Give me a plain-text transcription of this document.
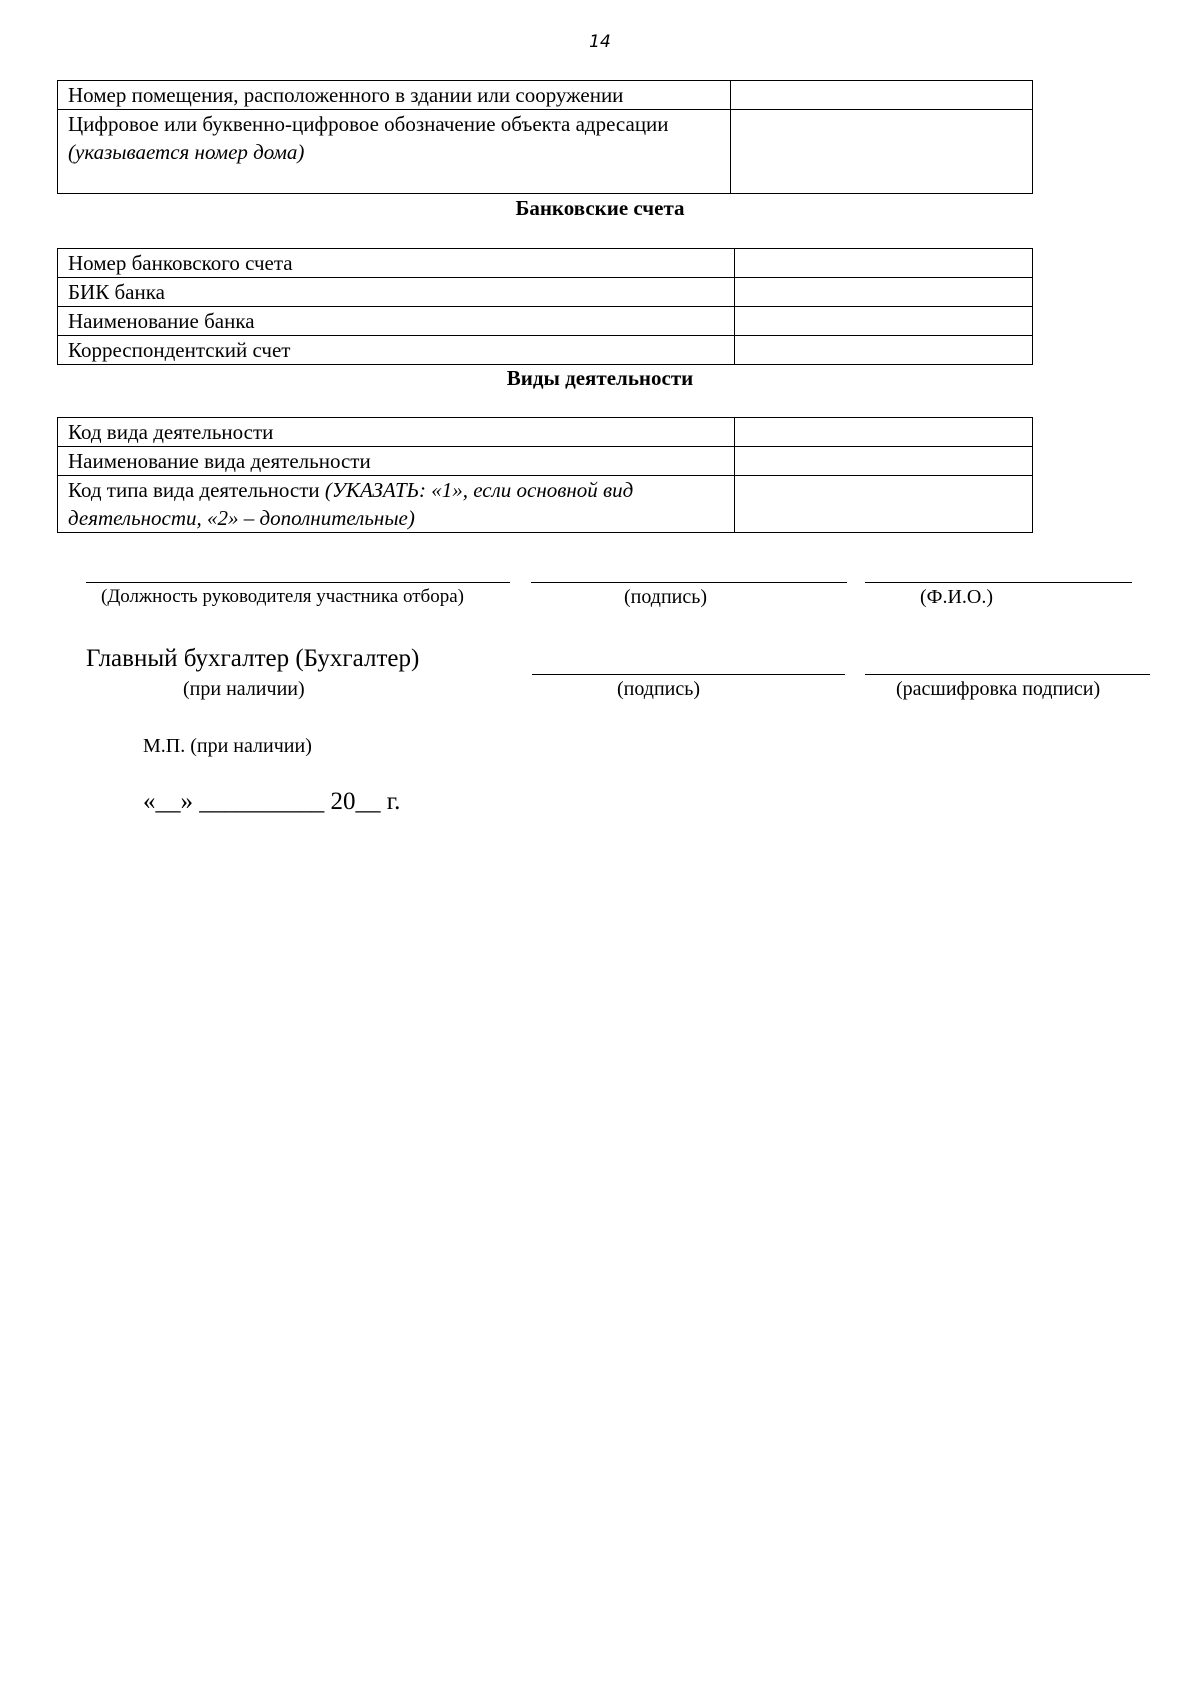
14
Номер помещения, расположенного в здании или сооружении	
Цифровое или буквенно-цифровое обозначение объекта адресации
(указывается номер дома)	
Банковские счета
Номер банковского счета	
БИК банка	
Наименование банка	
Корреспондентский счет	
Виды деятельности
Код вида деятельности	
Наименование вида деятельности	
Код типа вида деятельности (УКАЗАТЬ: «1», если основной вид деятельности, «2» – дополнительные)	
(Должность руководителя участника отбора)	(подпись)	(Ф.И.О.)
Главный бухгалтер (Бухгалтер)
(при наличии)	(подпись)	(расшифровка подписи)
М.П. (при наличии)
«__» __________ 20__ г.
